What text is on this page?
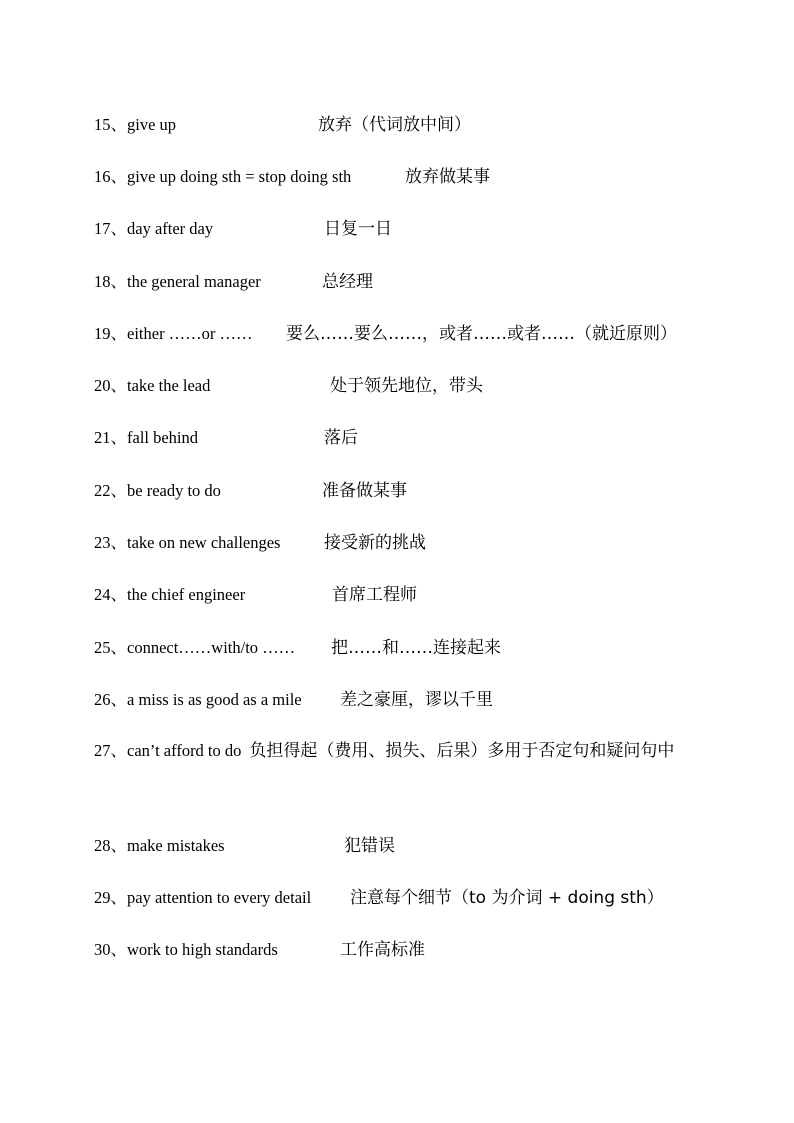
15、give up	放弃（代词放中间）
16、give up doing sth = stop doing sth	放弃做某事
17、day after day	日复一日
18、the general manager	总经理
19、either ……or …… 要么……要么……，或者……或者……（就近原则）
20、take the lead	处于领先地位，带头
21、fall behind	落后
22、be ready to do	准备做某事
23、take on new challenges	接受新的挑战
24、the chief engineer	首席工程师
25、connect……with/to …… 把……和……连接起来
26、a miss is as good as a mile 差之豪厘，谬以千里
27、can’t afford to do 负担得起（费用、损失、后果）多用于否定句和疑问句中
28、make mistakes	犯错误
29、pay attention to every detail 注意每个细节（to 为介词 + doing sth）
30、work to high standards	工作高标准
